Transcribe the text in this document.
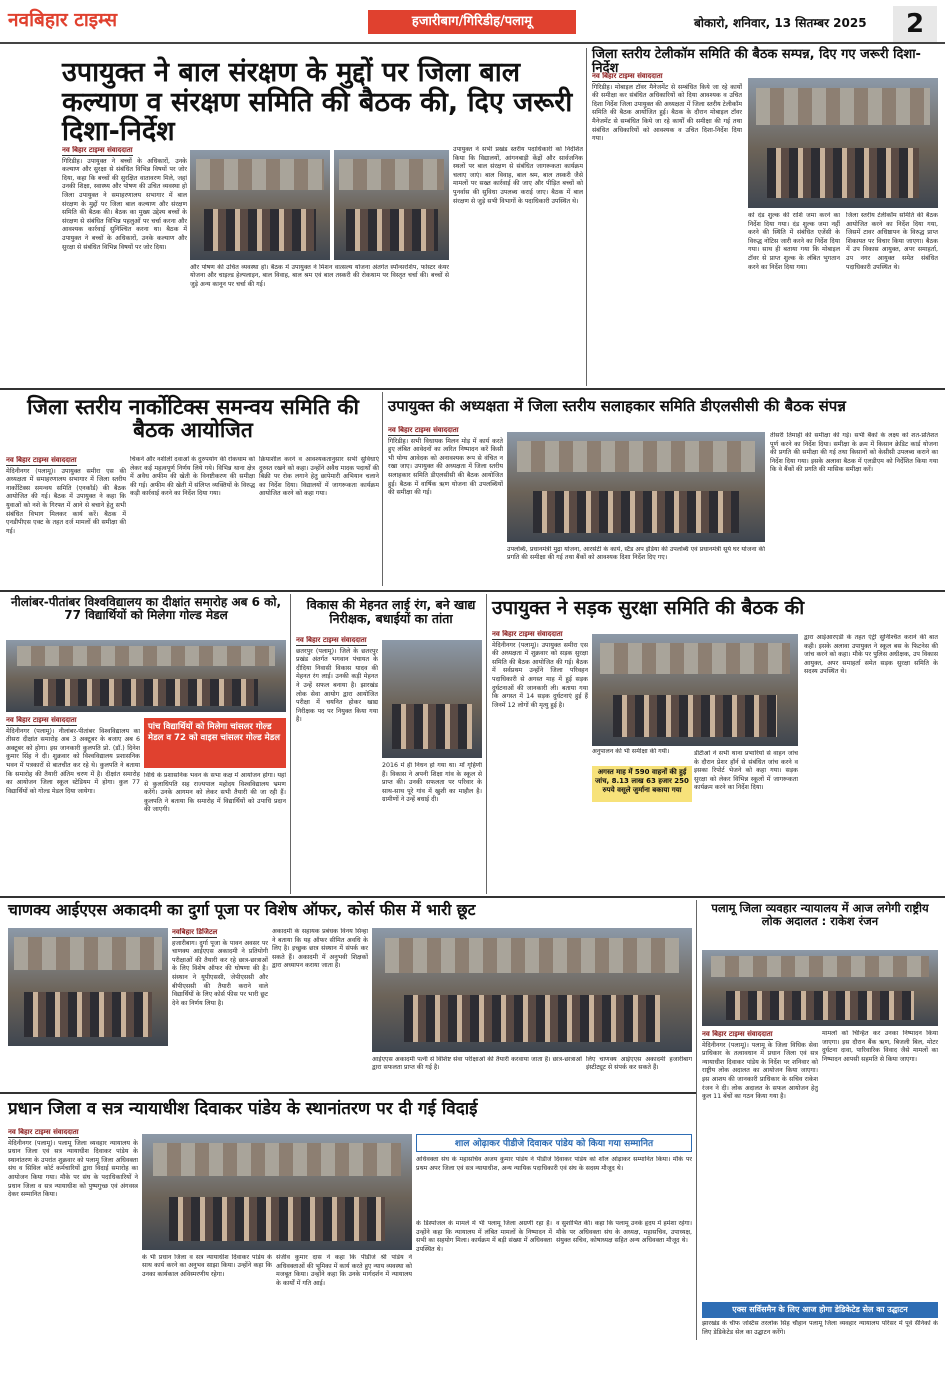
नवबिहार टाइम्स	हजारीबाग/गिरिडीह/पलामू	बोकारो, शनिवार, 13 सितम्बर 2025	2
उपायुक्त ने बाल संरक्षण के मुद्दों पर जिला बाल कल्याण व संरक्षण समिति की बैठक की, दिए जरूरी दिशा-निर्देश
नव बिहार टाइम्स संवाददाता
गिरिडीह। उपायुक्त ने बच्चों के अधिकारों, उनके कल्याण और सुरक्षा से संबंधित विभिन्न विषयों पर जोर दिया, कहा कि बच्चों की सुरक्षित वातावरण मिले, जहां उनकी शिक्षा, स्वास्थ्य और पोषण की उचित व्यवस्था हो जिला उपायुक्त ने समाहरणालय सभागार में बाल संरक्षण के मुद्दों पर जिला बाल कल्याण और संरक्षण समिति की बैठक की। बैठक का मुख्य उद्देश्य बच्चों के संरक्षण से संबंधित विभिन्न पहलुओं पर चर्चा करना और आवश्यक कार्रवाई सुनिश्चित करना था। बैठक में उपायुक्त ने बच्चों के अधिकारों, उनके कल्याण और सुरक्षा से संबंधित विभिन्न विषयों पर जोर दिया।
और पोषण की उचित व्यवस्था हो। बैठक में उपायुक्त ने मिशन वात्सल्य योजना अंतर्गत स्पॉन्सरशिप, फोस्टर केयर योजना और चाइल्ड हेल्पलाइन, बाल विवाह, बाल श्रम एवं बाल तस्करी की रोकथाम पर विस्तृत चर्चा की। बच्चों से जुड़े अन्य कानून पर चर्चा की गई।
उपायुक्त ने सभी प्रखंड स्तरीय पदाधिकारी को निर्देशित किया कि विद्यालयों, आंगनबाड़ी केंद्रों और सार्वजनिक स्थलों पर बाल संरक्षण से संबंधित जागरूकता कार्यक्रम चलाए जाएं। बाल विवाह, बाल श्रम, बाल तस्करी जैसे मामलों पर सख्त कार्रवाई की जाए और पीड़ित बच्चों को पुनर्वास की सुविधा उपलब्ध कराई जाए। बैठक में बाल संरक्षण से जुड़े सभी विभागों के पदाधिकारी उपस्थित थे।
जिला स्तरीय टेलीकॉम समिति की बैठक सम्पन्न, दिए गए जरूरी दिशा-निर्देश
नव बिहार टाइम्स संवाददाता
गिरिडीह। मोबाइल टॉवर मैनेजमेंट से सम्बंधित किये जा रहे कार्यों की समीक्षा कर संबंधित अधिकारियों को दिया आवश्यक व उचित दिशा निर्देश जिला उपायुक्त की अध्यक्षता में जिला स्तरीय टेलीकॉम समिति की बैठक आयोजित हुई। बैठक के दौरान मोबाइल टॉवर मैनेजमेंट से सम्बंधित किये जा रहे कार्यों की समीक्षा की गई तथा संबंधित अधिकारियों को आवश्यक व उचित दिशा-निर्देश दिया गया।
को दंड शुल्क की राशि जमा करने का निर्देश दिया गया। दंड शुल्क जमा नहीं करने की स्थिति में संबंधित एजेंसी के विरुद्ध नोटिस जारी करने का निर्देश दिया गया। साथ ही बताया गया कि मोबाइल टॉवर से प्राप्त शुल्क के लंबित भुगतान करने का निर्देश दिया गया।
जिला स्तरीय टेलीकॉम समिति की बैठक आयोजित करने का निर्देश दिया गया, जिसमें टावर अधिष्ठापन के विरुद्ध प्राप्त शिकायत पर विचार किया जाएगा। बैठक में उप विकास आयुक्त, अपर समाहर्ता, उप नगर आयुक्त समेत संबंधित पदाधिकारी उपस्थित थे।
जिला स्तरीय नार्कोटिक्स समन्वय समिति की बैठक आयोजित
नव बिहार टाइम्स संवाददाता
मेदिनीनगर (पलामू)। उपायुक्त समीरा एस की अध्यक्षता में समाहरणालय सभागार में जिला स्तरीय नार्कोटिक्स समन्वय समिति (एनकॉर्ड) की बैठक आयोजित की गई। बैठक में उपायुक्त ने कहा कि युवाओं को नशे के गिरफ्त में आने से बचाने हेतु सभी संबंधित विभाग मिलकर कार्य करें। बैठक में एनडीपीएस एक्ट के तहत दर्ज मामलों की समीक्षा की गई।
चिकने और नशीली दवाओं के दुरुपयोग की रोकथाम को लेकर कई महत्वपूर्ण निर्णय लिये गये। विभिन्न थाना क्षेत्र में अवैध अफीम की खेती के विनष्टीकरण की समीक्षा की गई। अफीम की खेती में संलिप्त व्यक्तियों के विरुद्ध कड़ी कार्रवाई करने का निर्देश दिया गया।
क्रियाशील करने व आवश्यकतानुसार सभी सुविधाएं दुरुस्त रखने को कहा। उन्होंने अवैध मादक पदार्थों की बिक्री पर रोक लगाने हेतु छापेमारी अभियान चलाने का निर्देश दिया। विद्यालयों में जागरूकता कार्यक्रम आयोजित करने को कहा गया।
उपायुक्त की अध्यक्षता में जिला स्तरीय सलाहकार समिति डीएलसीसी की बैठक संपन्न
नव बिहार टाइम्स संवाददाता
गिरिडीह। सभी विधायक मिलन मोड़ में कार्य करते हुए लंबित आवेदनों का त्वरित निष्पादन करें किसी भी योग्य आवेदक को अनावश्यक रूप से वंचित न रखा जाए। उपायुक्त की अध्यक्षता में जिला स्तरीय सलाहकार समिति डीएलसीसी की बैठक आयोजित हुई। बैठक में वार्षिक ऋण योजना की उपलब्धियों की समीक्षा की गई।
उपलब्धि, प्रधानमंत्री मुद्रा योजना, आरसेटी के कार्य, स्टैंड अप इंडिया की उपलब्धि एवं प्रधानमंत्री सूर्य घर योजना की प्रगति की समीक्षा की गई तथा बैंकों को आवश्यक दिशा निर्देश दिए गए।
तीसरी तिमाही की समीक्षा की गई। सभी बैंकों के लक्ष्य को शत-प्रतिशत पूर्ण करने का निर्देश दिया। समीक्षा के क्रम में किसान क्रेडिट कार्ड योजना की प्रगति की समीक्षा की गई तथा किसानों को केसीसी उपलब्ध कराने का निर्देश दिया गया। इसके अलावा बैठक में एलडीएम को निर्देशित किया गया कि वे बैंकों की प्रगति की मासिक समीक्षा करें।
नीलांबर-पीतांबर विश्वविद्यालय का दीक्षांत समारोह अब 6 को, 77 विद्यार्थियों को मिलेगा गोल्ड मेडल
नव बिहार टाइम्स संवाददाता
मेदिनीनगर (पलामू)। नीलांबर-पीतांबर विश्वविद्यालय का तीसरा दीक्षांत समारोह अब 3 अक्टूबर के बजाए अब 6 अक्टूबर को होगा। इस जानकारी कुलपति प्रो. (डॉ.) दिनेश कुमार सिंह ने दी। शुक्रवार को विश्वविद्यालय प्रशासनिक भवन में पत्रकारों से बातचीत कर रहे थे। कुलपति ने बताया कि समारोह की तैयारी अंतिम चरण में है। दीक्षांत समारोह का आयोजन जिला स्कूल स्टेडियम में होगा। कुल 77 विद्यार्थियों को गोल्ड मेडल दिया जायेगा।
पांच विद्यार्थियों को मिलेगा चांसलर गोल्ड मेडल व 72 को वाइस चांसलर गोल्ड मेडल
विधि के प्रशासनिक भवन के सभा कक्ष में आयोजन होगा। यहां से कुलाधिपति सह राज्यपाल महोदय विश्वविद्यालय भ्रमण करेंगे। उनके आगमन को लेकर सभी तैयारी की जा रही हैं। कुलपति ने बताया कि समारोह में विद्यार्थियों को उपाधि प्रदान की जाएगी।
विकास की मेहनत लाई रंग, बने खाद्य निरीक्षक, बधाईयों का तांता
नव बिहार टाइम्स संवाददाता
छतरपुर (पलामू)। जिले के छतरपुर प्रखंड अंतर्गत भगवान पंचायत के दीदिया निवासी विकास यादव की मेहनत रंग लाई। उनकी कड़ी मेहनत ने उन्हें सफल बनाया है। झारखंड लोक सेवा आयोग द्वारा आयोजित परीक्षा में चयनित होकर खाद्य निरीक्षक पद पर नियुक्त किया गया है।
2016 में ही निधन हो गया था। माँ गृहिणी हैं। विकास ने अपनी शिक्षा गांव के स्कूल से प्राप्त की। उनकी सफलता पर परिवार के साथ-साथ पूरे गांव में खुशी का माहौल है। ग्रामीणों ने उन्हें बधाई दी।
उपायुक्त ने सड़क सुरक्षा समिति की बैठक की
नव बिहार टाइम्स संवाददाता
मेदिनीनगर (पलामू)। उपायुक्त समीरा एस की अध्यक्षता में शुक्रवार को सड़क सुरक्षा समिति की बैठक आयोजित की गई। बैठक में सर्वप्रथम उन्होंने जिला परिवहन पदाधिकारी से अगस्त माह में हुई सड़क दुर्घटनाओं की जानकारी ली। बताया गया कि अगस्त में 14 सड़क दुर्घटनाएं हुई हैं जिनमें 12 लोगों की मृत्यु हुई है।
अनुपालन की भी समीक्षा की गयी।
अगस्त माह में 590 वाहनों की हुई जांच, 8.13 लाख 63 हजार 250 रुपये वसूले जुर्माना बकाया गया
डीटीओ ने सभी थाना प्रभारियों से वाहन जांच के दौरान प्रेशर हॉर्न से संबंधित जांच करने व इसका रिपोर्ट भेजने को कहा गया। सड़क सुरक्षा को लेकर विभिन्न स्कूलों में जागरूकता कार्यक्रम करने का निर्देश दिया।
द्वारा आईआरएडी के तहत एंट्री सुनिश्चित कराने की बात कही। इसके अलावा उपायुक्त ने स्कूल बस के फिटनेस की जांच करने को कहा। मौके पर पुलिस अधीक्षक, उप विकास आयुक्त, अपर समाहर्ता समेत सड़क सुरक्षा समिति के सदस्य उपस्थित थे।
चाणक्य आईएएस अकादमी का दुर्गा पूजा पर विशेष ऑफर, कोर्स फीस में भारी छूट
नवबिहार डिजिटल
हजारीबाग। दुर्गा पूजा के पावन अवसर पर चाणक्य आईएएस अकादमी ने प्रतियोगी परीक्षाओं की तैयारी कर रहे छात्र-छात्राओं के लिए विशेष ऑफर की घोषणा की है। संस्थान ने यूपीएससी, जेपीएससी और बीपीएससी की तैयारी कराने वाले विद्यार्थियों के लिए कोर्स फीस पर भारी छूट देने का निर्णय लिया है।
अकादमी के सहायक प्रबंधक विनय सिन्हा ने बताया कि यह ऑफर सीमित अवधि के लिए है। इच्छुक छात्र संस्थान में संपर्क कर सकते हैं। अकादमी में अनुभवी शिक्षकों द्वारा अध्यापन कराया जाता है।
आईएएस अकादमी पत्नी से विशिष्ट सेवा परीक्षाओं की तैयारी करवाया जाता है। छात्र-छात्राओं द्वारा सफलता प्राप्त की गई है।
लिए चाणक्य आईएएस अकादमी हजारीबाग इंस्टीट्यूट से संपर्क कर सकते हैं।
पलामू जिला व्यवहार न्यायालय में आज लगेगी राष्ट्रीय लोक अदालत : राकेश रंजन
नव बिहार टाइम्स संवाददाता
मेदिनीनगर (पलामू)। पलामू के जिला विधिक सेवा प्राधिकार के तत्वावधान में प्रधान जिला एवं सत्र न्यायाधीश दिवाकर पांडेय के निर्देश पर शनिवार को राष्ट्रीय लोक अदालत का आयोजन किया जाएगा। इस आशय की जानकारी प्राधिकार के सचिव राकेश रंजन ने दी। लोक अदालत के सफल आयोजन हेतु कुल 11 बेंचों का गठन किया गया है।
मामलों को चिन्हित कर उनका निष्पादन किया जाएगा। इस दौरान बैंक ऋण, बिजली बिल, मोटर दुर्घटना दावा, पारिवारिक विवाद जैसे मामलों का निष्पादन आपसी सहमति से किया जाएगा।
एक्स सर्विसमैन के लिए आज होगा डेडिकेटेड सेल का उद्घाटन
झारखंड के चीफ जस्टिस तरलोक सिंह चौहान पलामू जिला व्यवहार न्यायालय परिसर में पूर्व सैनिकों के लिए डेडिकेटेड सेल का उद्घाटन करेंगे।
प्रधान जिला व सत्र न्यायाधीश दिवाकर पांडेय के स्थानांतरण पर दी गई विदाई
नव बिहार टाइम्स संवाददाता
मेदिनीनगर (पलामू)। पलामू जिला व्यवहार न्यायालय के प्रधान जिला एवं सत्र न्यायाधीश दिवाकर पांडेय के स्थानांतरण के उपरांत शुक्रवार को पलामू जिला अधिवक्ता संघ व सिविल कोर्ट कर्मचारियों द्वारा विदाई समारोह का आयोजन किया गया। मौके पर संघ के पदाधिकारियों ने प्रधान जिला व सत्र न्यायाधीश को पुष्पगुच्छ एवं अंगवस्त्र देकर सम्मानित किया।
के भी प्रधान जिला व सत्र न्यायाधीश दिवाकर पांडेय के साथ कार्य करने का अनुभव साझा किया। उन्होंने कहा कि उनका कार्यकाल अविस्मरणीय रहेगा।
संजीव कुमार दास ने कहा कि पीडीजे श्री पांडेय ने अधिवक्ताओं की भूमिका में कार्य करते हुए न्याय व्यवस्था को मजबूत किया। उन्होंने कहा कि उनके मार्गदर्शन में न्यायालय के कार्यों में गति आई।
शाल ओढ़ाकर पीडीजे दिवाकर पांडेय को किया गया सम्मानित
अधिवक्ता संघ के महासचिव अजय कुमार पांडेय ने पीडीजे दिवाकर पांडेय को शॉल ओढ़ाकर सम्मानित किया। मौके पर प्रथम अपर जिला एवं सत्र न्यायाधीश, अन्य न्यायिक पदाधिकारी एवं संघ के सदस्य मौजूद थे।
के डिस्पोजल के मामले में भी पलामू जिला अग्रणी रहा है। उन्होंने कहा कि न्यायालय में लंबित मामलों के निष्पादन में सभी का सहयोग मिला। कार्यक्रम में बड़ी संख्या में अधिवक्ता उपस्थित थे।
व सुशोभित की। कहा कि पलामू उनके हृदय में हमेशा रहेगा। मौके पर अधिवक्ता संघ के अध्यक्ष, महासचिव, उपाध्यक्ष, संयुक्त सचिव, कोषाध्यक्ष सहित अन्य अधिवक्ता मौजूद थे।
